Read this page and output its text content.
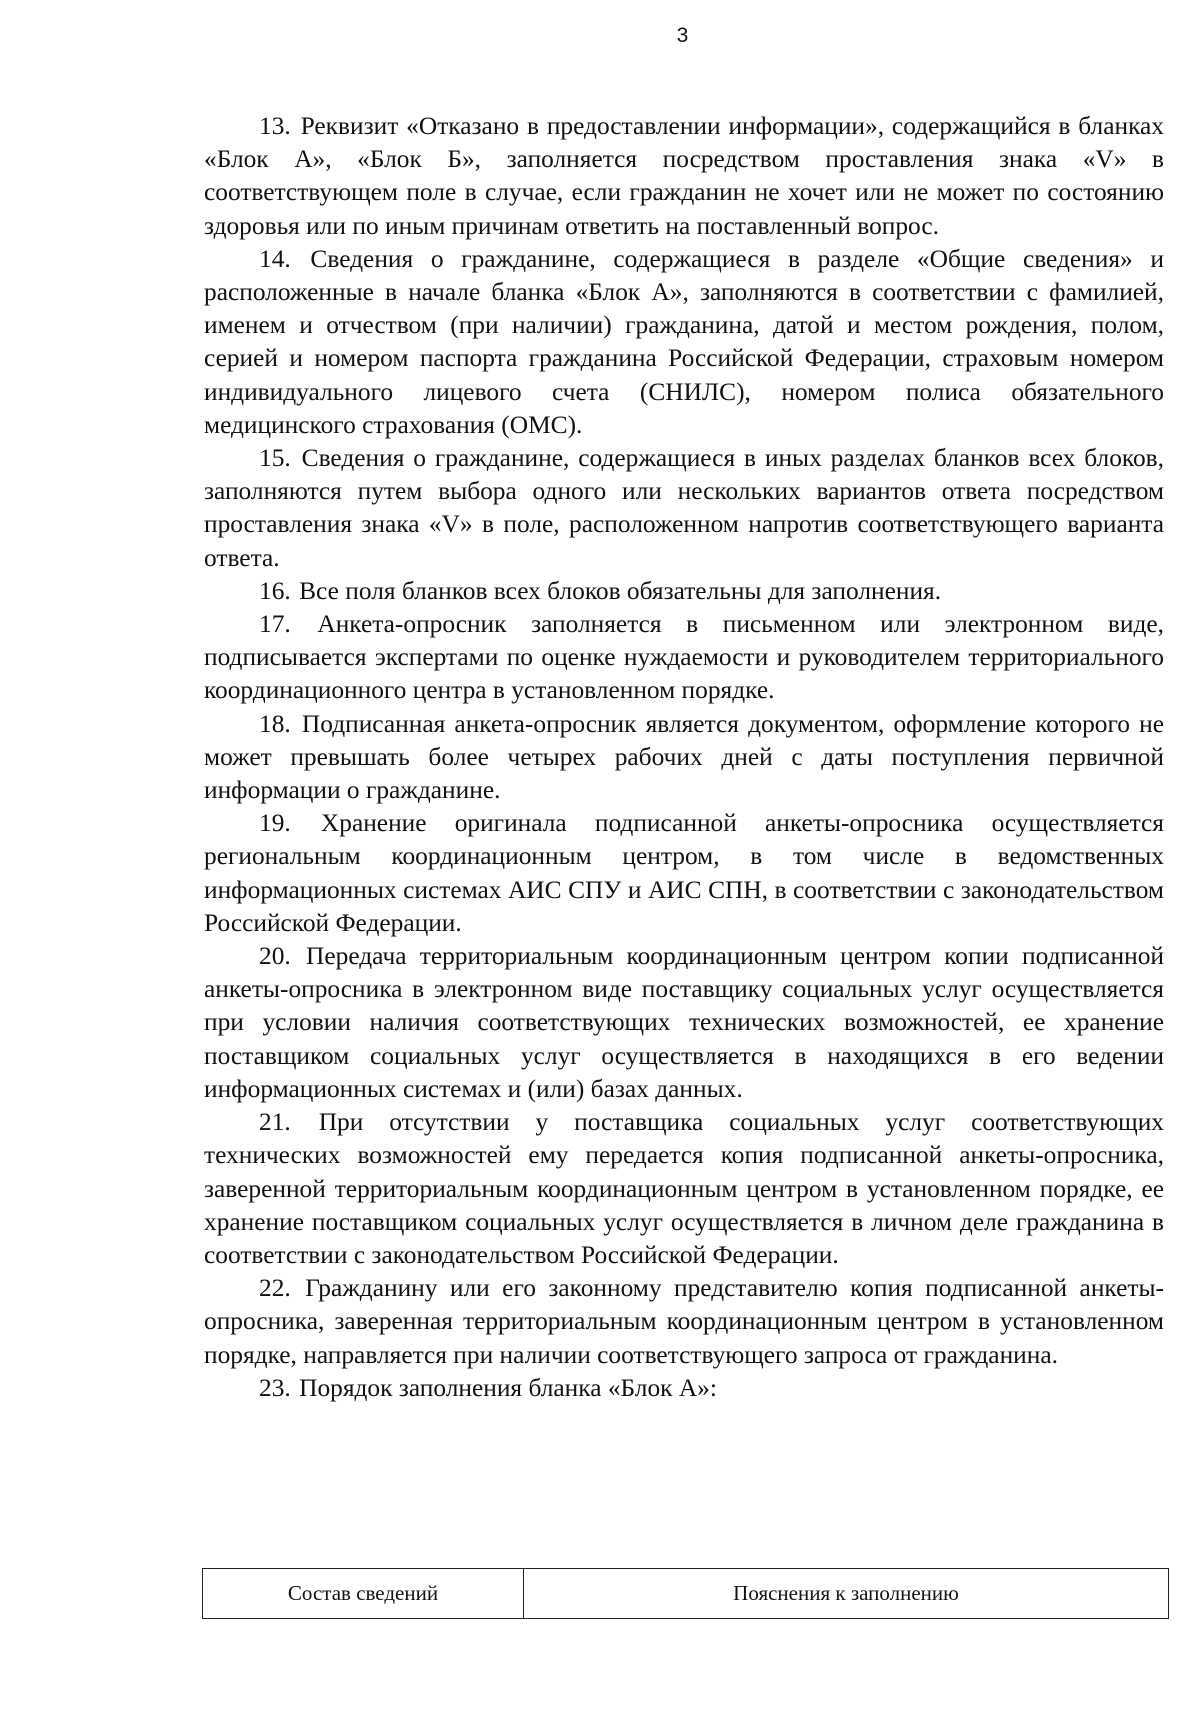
3

13. Реквизит «Отказано в предоставлении информации», содержащийся в бланках «Блок А», «Блок Б», заполняется посредством проставления знака «V» в соответствующем поле в случае, если гражданин не хочет или не может по состоянию здоровья или по иным причинам ответить на поставленный вопрос.

14. Сведения о гражданине, содержащиеся в разделе «Общие сведения» и расположенные в начале бланка «Блок А», заполняются в соответствии с фамилией, именем и отчеством (при наличии) гражданина, датой и местом рождения, полом, серией и номером паспорта гражданина Российской Федерации, страховым номером индивидуального лицевого счета (СНИЛС), номером полиса обязательного медицинского страхования (ОМС).

15. Сведения о гражданине, содержащиеся в иных разделах бланков всех блоков, заполняются путем выбора одного или нескольких вариантов ответа посредством проставления знака «V» в поле, расположенном напротив соответствующего варианта ответа.

16. Все поля бланков всех блоков обязательны для заполнения.

17. Анкета-опросник заполняется в письменном или электронном виде, подписывается экспертами по оценке нуждаемости и руководителем территориального координационного центра в установленном порядке.

18. Подписанная анкета-опросник является документом, оформление которого не может превышать более четырех рабочих дней с даты поступления первичной информации о гражданине.

19. Хранение оригинала подписанной анкеты-опросника осуществляется региональным координационным центром, в том числе в ведомственных информационных системах АИС СПУ и АИС СПН, в соответствии с законодательством Российской Федерации.

20. Передача территориальным координационным центром копии подписанной анкеты-опросника в электронном виде поставщику социальных услуг осуществляется при условии наличия соответствующих технических возможностей, ее хранение поставщиком социальных услуг осуществляется в находящихся в его ведении информационных системах и (или) базах данных.

21. При отсутствии у поставщика социальных услуг соответствующих технических возможностей ему передается копия подписанной анкеты-опросника, заверенной территориальным координационным центром в установленном порядке, ее хранение поставщиком социальных услуг осуществляется в личном деле гражданина в соответствии с законодательством Российской Федерации.

22. Гражданину или его законному представителю копия подписанной анкеты-опросника, заверенная территориальным координационным центром в установленном порядке, направляется при наличии соответствующего запроса от гражданина.

23. Порядок заполнения бланка «Блок А»:

Состав сведений	Пояснения к заполнению
